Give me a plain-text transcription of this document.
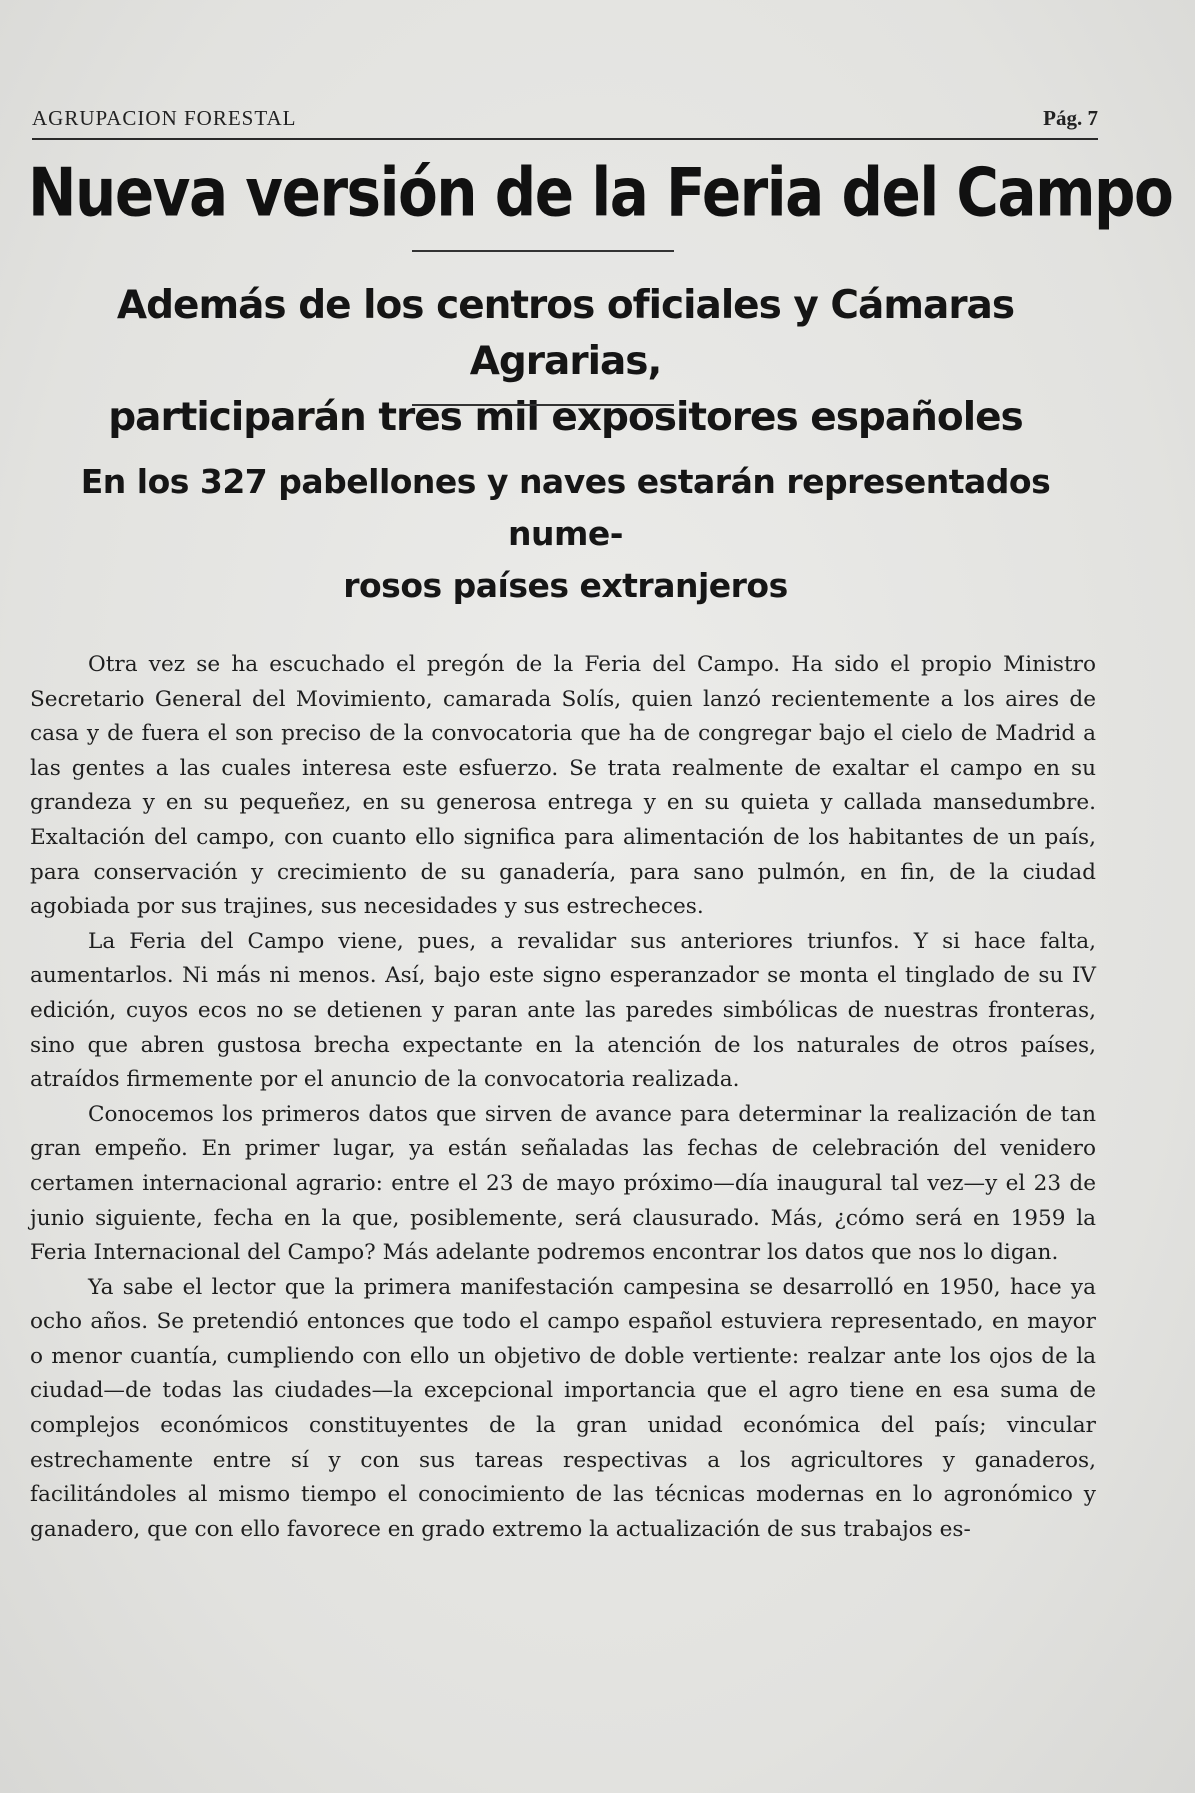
AGRUPACION FORESTAL	Pág. 7
Nueva versión de la Feria del Campo
Además de los centros oficiales y Cámaras Agrarias,
participarán tres mil expositores españoles
En los 327 pabellones y naves estarán representados nume-
rosos países extranjeros

Otra vez se ha escuchado el pregón de la Feria del Campo. Ha sido el propio Ministro Secretario General del Movimiento, camarada Solís, quien lanzó recientemente a los aires de casa y de fuera el son preciso de la convocatoria que ha de congregar bajo el cielo de Madrid a las gentes a las cuales interesa este esfuerzo. Se trata realmente de exaltar el campo en su grandeza y en su pequeñez, en su generosa entrega y en su quieta y callada mansedumbre. Exaltación del campo, con cuanto ello significa para alimentación de los habitantes de un país, para conservación y crecimiento de su ganadería, para sano pulmón, en fin, de la ciudad agobiada por sus trajines, sus necesidades y sus estrecheces.

La Feria del Campo viene, pues, a revalidar sus anteriores triunfos. Y si hace falta, aumentarlos. Ni más ni menos. Así, bajo este signo esperanzador se monta el tinglado de su IV edición, cuyos ecos no se detienen y paran ante las paredes simbólicas de nuestras fronteras, sino que abren gustosa brecha expectante en la atención de los naturales de otros países, atraídos firmemente por el anuncio de la convocatoria realizada.

Conocemos los primeros datos que sirven de avance para determinar la realización de tan gran empeño. En primer lugar, ya están señaladas las fechas de celebración del venidero certamen internacional agrario: entre el 23 de mayo próximo—día inaugural tal vez—y el 23 de junio siguiente, fecha en la que, posiblemente, será clausurado. Más, ¿cómo será en 1959 la Feria Internacional del Campo? Más adelante podremos encontrar los datos que nos lo digan.

Ya sabe el lector que la primera manifestación campesina se desarrolló en 1950, hace ya ocho años. Se pretendió entonces que todo el campo español estuviera representado, en mayor o menor cuantía, cumpliendo con ello un objetivo de doble vertiente: realzar ante los ojos de la ciudad—de todas las ciudades—la excepcional importancia que el agro tiene en esa suma de complejos económicos constituyentes de la gran unidad económica del país; vincular estrechamente entre sí y con sus tareas respectivas a los agricultores y ganaderos, facilitándoles al mismo tiempo el conocimiento de las técnicas modernas en lo agronómico y ganadero, que con ello favorece en grado extremo la actualización de sus trabajos es-
